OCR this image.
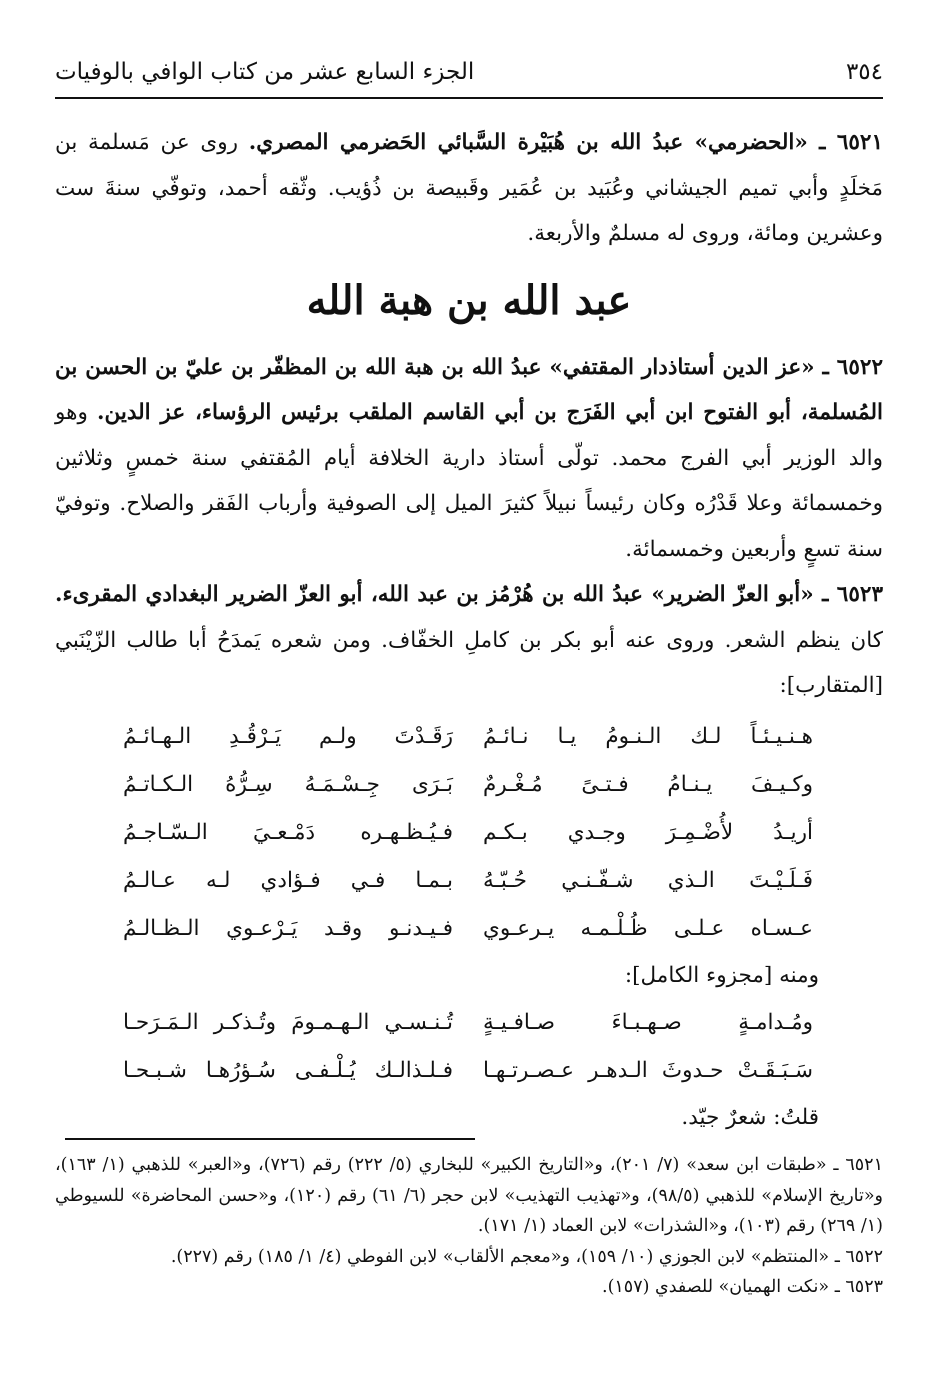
٣٥٤
الجزء السابع عشر من كتاب الوافي بالوفيات

٦٥٢١ ـ «الحضرمي» عبدُ الله بن هُبَيْرة السَّبائي الحَضرمي المصري. روى عن مَسلمة بن مَخلَدٍ وأبي تميم الجيشاني وعُبَيد بن عُمَير وقَبيصة بن ذُؤيب. وثّقه أحمد، وتوفّي سنةَ ست وعشرين ومائة، وروى له مسلمٌ والأربعة.

عبد الله بن هبة الله

٦٥٢٢ ـ «عز الدين أستاذدار المقتفي» عبدُ الله بن هبة الله بن المظفّر بن عليّ بن الحسن بن المُسلمة، أبو الفتوح ابن أبي الفَرَج بن أبي القاسم الملقب برئيس الرؤساء، عز الدين. وهو والد الوزير أبي الفرج محمد. تولّى أستاذ دارية الخلافة أيام المُقتفي سنة خمسٍ وثلاثين وخمسمائة وعلا قَدْرُه وكان رئيساً نبيلاً كثيرَ الميل إلى الصوفية وأرباب الفَقر والصلاح. وتوفيّ سنة تسعٍ وأربعين وخمسمائة.

٦٥٢٣ ـ «أبو العزّ الضرير» عبدُ الله بن هُرْمُز بن عبد الله، أبو العزّ الضرير البغدادي المقرىء. كان ينظم الشعر. وروى عنه أبو بكر بن كاملِ الخفّاف. ومن شعره يَمدَحُ أبا طالب الزّيْنَبي [المتقارب]:

هـنـيـئـاً لـك الـنـومُ يـا نـائـمُ
رَقَـدْتَ ولـم يَـرْقُـدِ الـهـائـمُ
وكـيـفَ يـنـامُ فـتـىً مُـغْـرمٌ
بَـرَى جِـسْـمَـهُ سِـرُّهُ الـكـاتـمُ
أريـدُ لأُضْـمِـرَ وجـدي بـكـم
فـيُـظـهـره دَمْـعـيَ الـسّـاجـمُ
فَـلَـيْـتَ الـذي شـفّـنـي حُـبّـهُ
بـمـا فـي فـؤادي لـه عـالـمُ
عـسـاه عـلـى ظُـلْـمـه يـرعـوي
فـيـدنـو وقـد يَـرْعـوي الـظـالـمُ

ومنه [مجزوء الكامل]:

ومُـدامـةٍ صـهـبـاءَ صـافـيـةٍ
تُـنـسـي الـهـمـومَ وتُـذكـر الـمَـرَحـا
سَـبَـقَـتْ حـدوثَ الـدهـر عـصـرتـهـا
فـلـذالـك يُـلْـفـى سُـؤرُهـا شـبـحـا

قلتُ: شعرٌ جيّد.

٦٥٢١ ـ «طبقات ابن سعد» (٧/ ٢٠١)، و«التاريخ الكبير» للبخاري (٥/ ٢٢٢) رقم (٧٢٦)، و«العبر» للذهبي (١/ ١٦٣)، و«تاريخ الإسلام» للذهبي (٩٨/٥)، و«تهذيب التهذيب» لابن حجر (٦/ ٦١) رقم (١٢٠)، و«حسن المحاضرة» للسيوطي (١/ ٢٦٩) رقم (١٠٣)، و«الشذرات» لابن العماد (١/ ١٧١).

٦٥٢٢ ـ «المنتظم» لابن الجوزي (١٠/ ١٥٩)، و«معجم الألقاب» لابن الفوطي (٤/ ١/ ١٨٥) رقم (٢٢٧).

٦٥٢٣ ـ «نكت الهميان» للصفدي (١٥٧).
